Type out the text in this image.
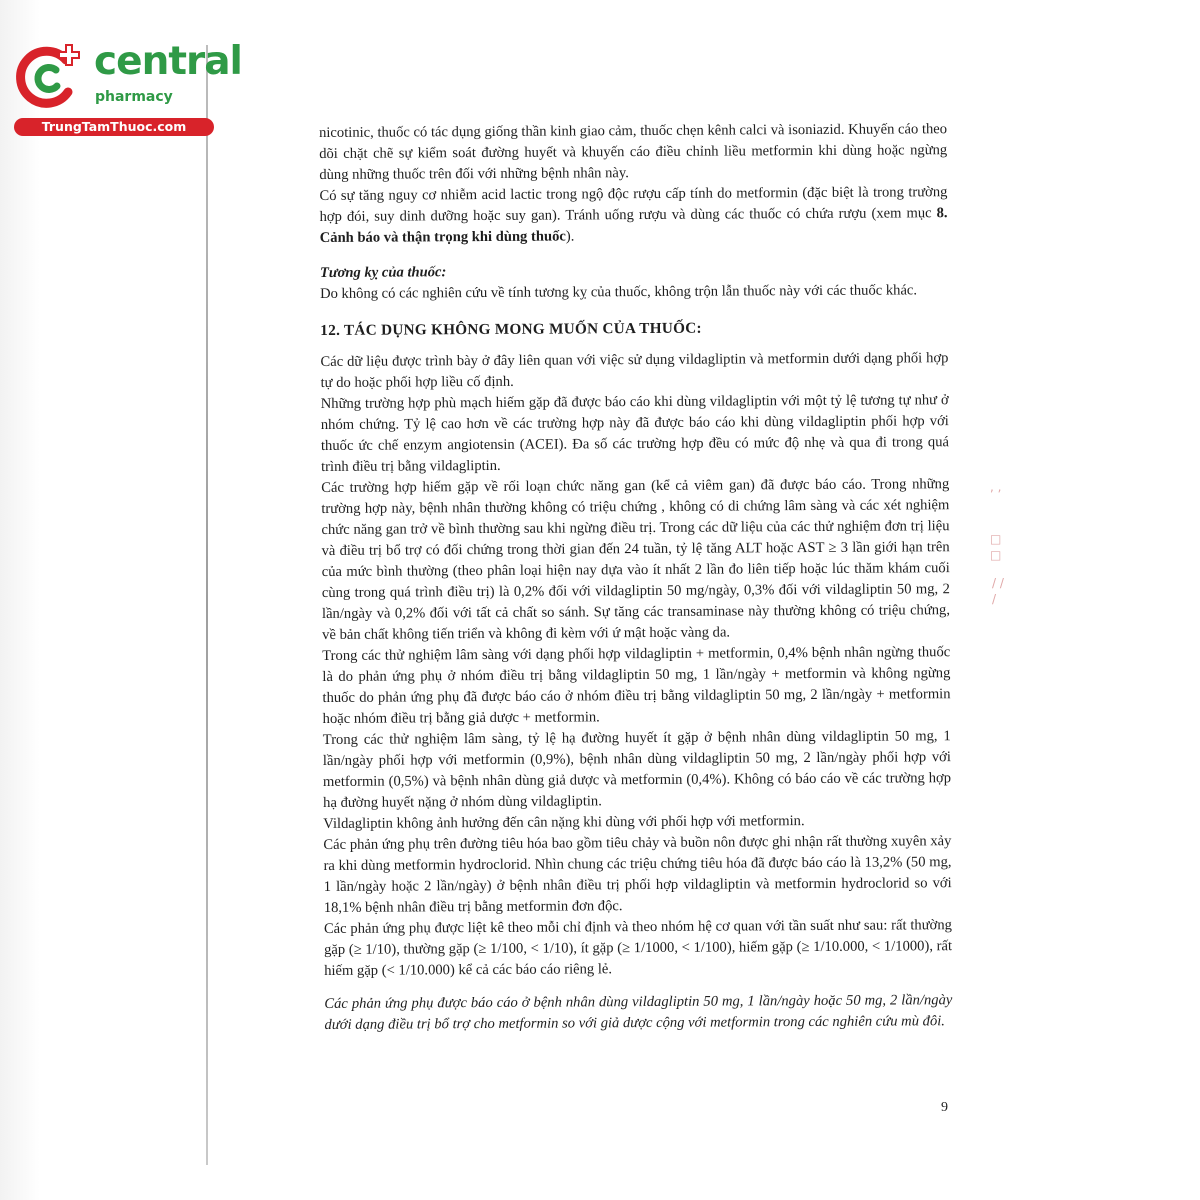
central
pharmacy
TrungTamThuoc.com	nicotinic, thuốc có tác dụng giống thần kinh giao cảm, thuốc chẹn kênh calci và isoniazid. Khuyến cáo theo dõi chặt chẽ sự kiểm soát đường huyết và khuyến cáo điều chỉnh liều metformin khi dùng hoặc ngừng dùng những thuốc trên đối với những bệnh nhân này.

Có sự tăng nguy cơ nhiễm acid lactic trong ngộ độc rượu cấp tính do metformin (đặc biệt là trong trường hợp đói, suy dinh dưỡng hoặc suy gan). Tránh uống rượu và dùng các thuốc có chứa rượu (xem mục 8. Cảnh báo và thận trọng khi dùng thuốc).

Tương kỵ của thuốc:

Do không có các nghiên cứu về tính tương kỵ của thuốc, không trộn lẫn thuốc này với các thuốc khác.

12. TÁC DỤNG KHÔNG MONG MUỐN CỦA THUỐC:

Các dữ liệu được trình bày ở đây liên quan với việc sử dụng vildagliptin và metformin dưới dạng phối hợp tự do hoặc phối hợp liều cố định.

Những trường hợp phù mạch hiếm gặp đã được báo cáo khi dùng vildagliptin với một tỷ lệ tương tự như ở nhóm chứng. Tỷ lệ cao hơn về các trường hợp này đã được báo cáo khi dùng vildagliptin phối hợp với thuốc ức chế enzym angiotensin (ACEI). Đa số các trường hợp đều có mức độ nhẹ và qua đi trong quá trình điều trị bằng vildagliptin.

Các trường hợp hiếm gặp về rối loạn chức năng gan (kể cả viêm gan) đã được báo cáo. Trong những trường hợp này, bệnh nhân thường không có triệu chứng , không có di chứng lâm sàng và các xét nghiệm chức năng gan trở về bình thường sau khi ngừng điều trị. Trong các dữ liệu của các thử nghiệm đơn trị liệu và điều trị bổ trợ có đối chứng trong thời gian đến 24 tuần, tỷ lệ tăng ALT hoặc AST ≥ 3 lần giới hạn trên của mức bình thường (theo phân loại hiện nay dựa vào ít nhất 2 lần đo liên tiếp hoặc lúc thăm khám cuối cùng trong quá trình điều trị) là 0,2% đối với vildagliptin 50 mg/ngày, 0,3% đối với vildagliptin 50 mg, 2 lần/ngày và 0,2% đối với tất cả chất so sánh. Sự tăng các transaminase này thường không có triệu chứng, về bản chất không tiến triển và không đi kèm với ứ mật hoặc vàng da.

Trong các thử nghiệm lâm sàng với dạng phối hợp vildagliptin + metformin, 0,4% bệnh nhân ngừng thuốc là do phản ứng phụ ở nhóm điều trị bằng vildagliptin 50 mg, 1 lần/ngày + metformin và không ngừng thuốc do phản ứng phụ đã được báo cáo ở nhóm điều trị bằng vildagliptin 50 mg, 2 lần/ngày + metformin hoặc nhóm điều trị bằng giả dược + metformin.

Trong các thử nghiệm lâm sàng, tỷ lệ hạ đường huyết ít gặp ở bệnh nhân dùng vildagliptin 50 mg, 1 lần/ngày phối hợp với metformin (0,9%), bệnh nhân dùng vildagliptin 50 mg, 2 lần/ngày phối hợp với metformin (0,5%) và bệnh nhân dùng giả dược và metformin (0,4%). Không có báo cáo về các trường hợp hạ đường huyết nặng ở nhóm dùng vildagliptin.

Vildagliptin không ảnh hưởng đến cân nặng khi dùng với phối hợp với metformin.

Các phản ứng phụ trên đường tiêu hóa bao gồm tiêu chảy và buồn nôn được ghi nhận rất thường xuyên xảy ra khi dùng metformin hydroclorid. Nhìn chung các triệu chứng tiêu hóa đã được báo cáo là 13,2% (50 mg, 1 lần/ngày hoặc 2 lần/ngày) ở bệnh nhân điều trị phối hợp vildagliptin và metformin hydroclorid so với 18,1% bệnh nhân điều trị bằng metformin đơn độc.

Các phản ứng phụ được liệt kê theo mỗi chỉ định và theo nhóm hệ cơ quan với tần suất như sau: rất thường gặp (≥ 1/10), thường gặp (≥ 1/100, < 1/10), ít gặp (≥ 1/1000, < 1/100), hiếm gặp (≥ 1/10.000, < 1/1000), rất hiếm gặp (< 1/10.000) kể cả các báo cáo riêng lẻ.

Các phản ứng phụ được báo cáo ở bệnh nhân dùng vildagliptin 50 mg, 1 lần/ngày hoặc 50 mg, 2 lần/ngày dưới dạng điều trị bổ trợ cho metformin so với giả dược cộng với metformin trong các nghiên cứu mù đôi.

9
, ,
□
□
/ /
/
